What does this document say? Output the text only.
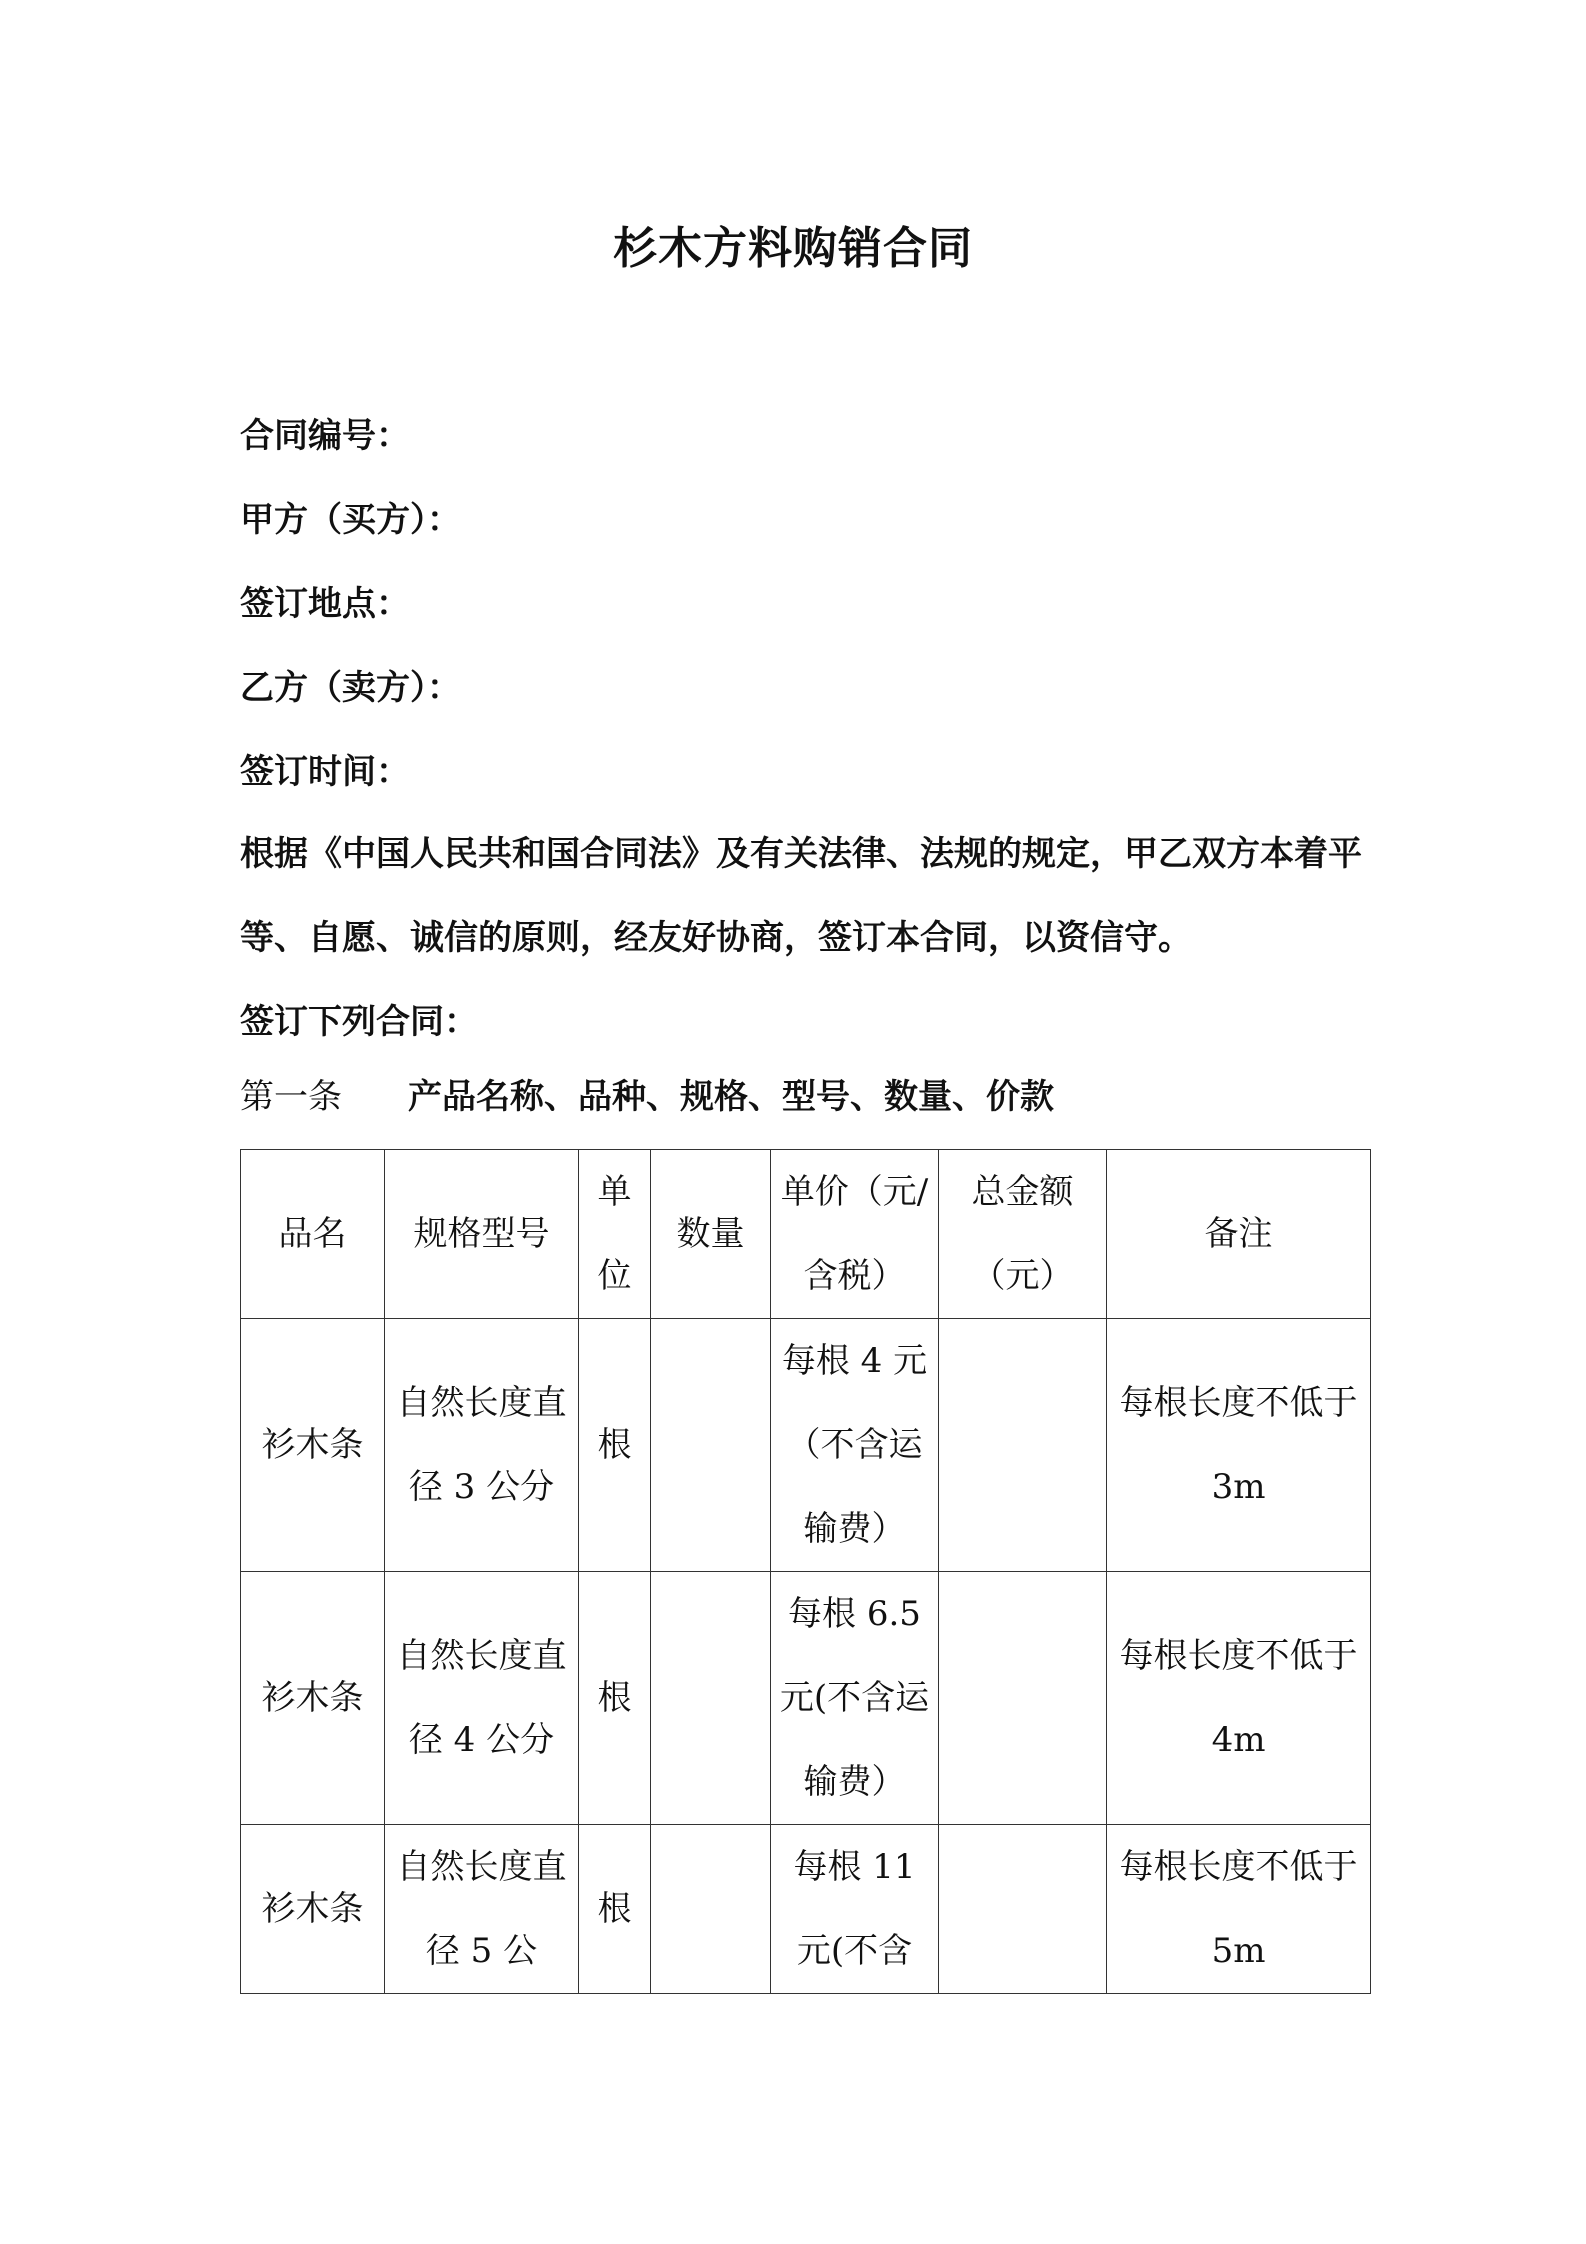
杉木方料购销合同
合同编号：
甲方（买方）：
签订地点：
乙方（卖方）：
签订时间：
根据《中国人民共和国合同法》及有关法律、法规的规定，甲乙双方本着平等、自愿、诚信的原则，经友好协商，签订本合同，以资信守。
签订下列合同：
第一条 产品名称、品种、规格、型号、数量、价款
品名	规格型号	单位	数量	单价（元/含税）	总金额（元）	备注
衫木条	自然长度直径 3 公分	根		每根 4 元（不含运输费）		每根长度不低于 3m
衫木条	自然长度直径 4 公分	根		每根 6.5 元(不含运输费）		每根长度不低于 4m
衫木条	自然长度直径 5 公	根		每根 11 元(不含		每根长度不低于 5m
